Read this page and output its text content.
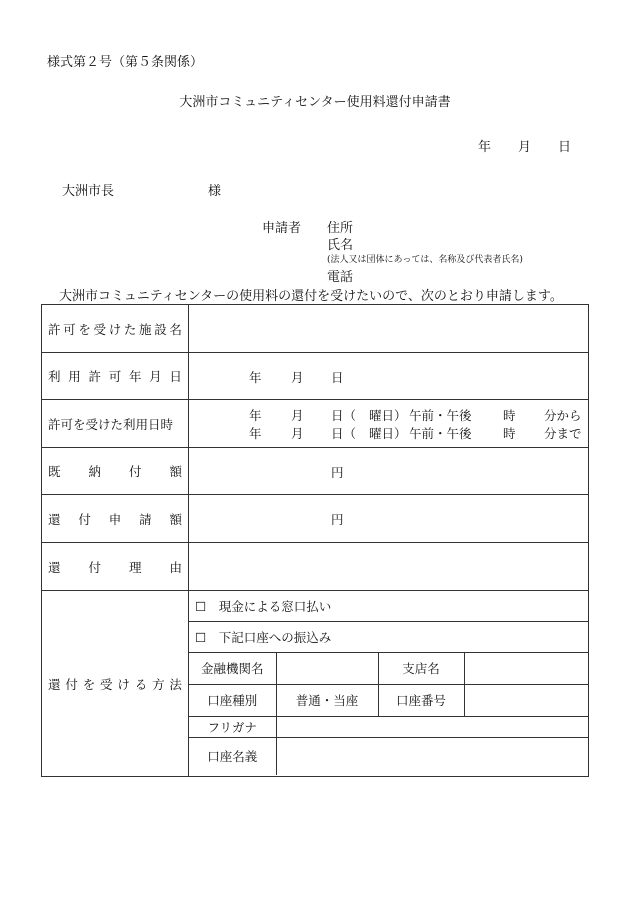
様式第２号（第５条関係）
大洲市コミュニティセンター使用料還付申請書
年 月 日
大洲市長	様
申請者 住所
氏名
(法人又は団体にあっては、名称及び代表者氏名)
電話
大洲市コミュニティセンターの使用料の還付を受けたいので、次のとおり申請します。
許 可 を 受 け た 施 設 名

利 用 許 可 年 月 日	年 月 日

許可を受けた利用日時	
年 月 日（ 曜日） 午前・午後	時 分から
年 月 日（ 曜日） 午前・午後	時 分まで

既 納 付 額	円

還 付 申 請 額	円

還 付 理 由

還 付 を 受 け る 方 法

☐　現金による窓口払い
☐　下記口座への振込み
金融機関名		支店名	
口座種別	普通・当座	口座番号	
フリガナ	
口座名義	
